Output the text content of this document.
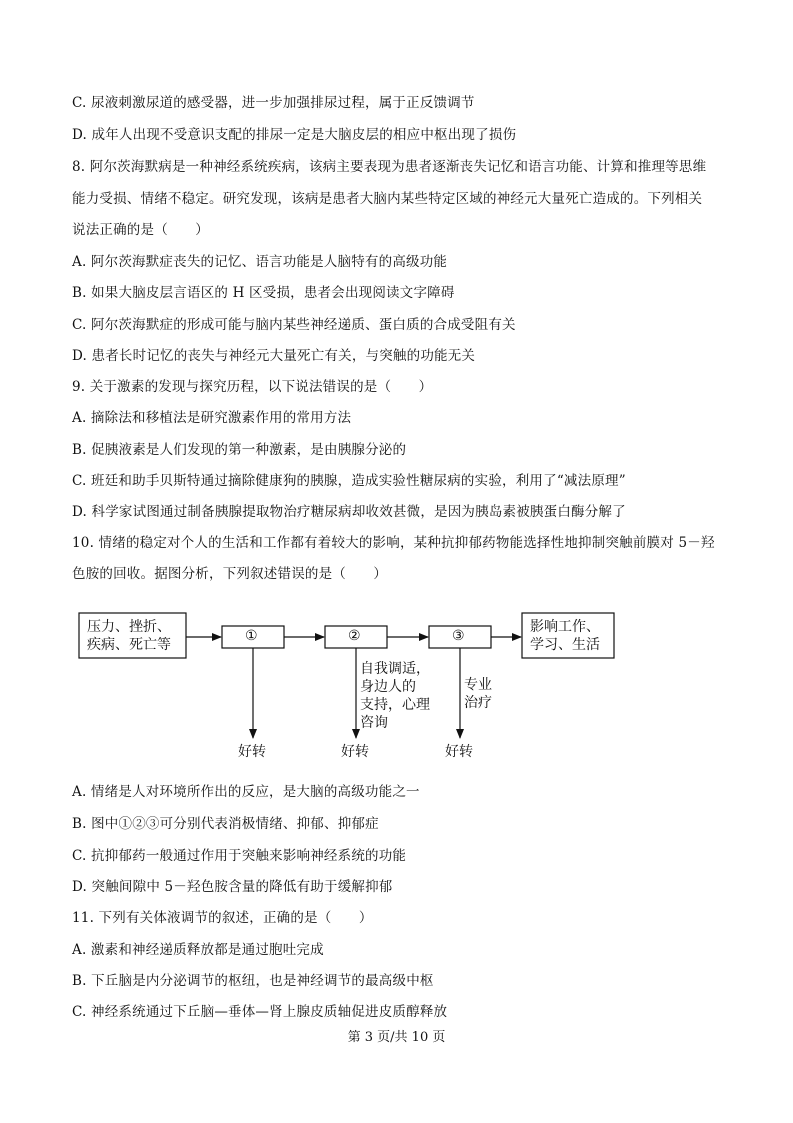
C. 尿液刺激尿道的感受器，进一步加强排尿过程，属于正反馈调节
D. 成年人出现不受意识支配的排尿一定是大脑皮层的相应中枢出现了损伤
8. 阿尔茨海默病是一种神经系统疾病，该病主要表现为患者逐渐丧失记忆和语言功能、计算和推理等思维
能力受损、情绪不稳定。研究发现，该病是患者大脑内某些特定区域的神经元大量死亡造成的。下列相关
说法正确的是（　　）
A. 阿尔茨海默症丧失的记忆、语言功能是人脑特有的高级功能
B. 如果大脑皮层言语区的 H 区受损，患者会出现阅读文字障碍
C. 阿尔茨海默症的形成可能与脑内某些神经递质、蛋白质的合成受阻有关
D. 患者长时记忆的丧失与神经元大量死亡有关，与突触的功能无关
9. 关于激素的发现与探究历程，以下说法错误的是（　　）
A. 摘除法和移植法是研究激素作用的常用方法
B. 促胰液素是人们发现的第一种激素，是由胰腺分泌的
C. 班廷和助手贝斯特通过摘除健康狗的胰腺，造成实验性糖尿病的实验，利用了“减法原理”
D. 科学家试图通过制备胰腺提取物治疗糖尿病却收效甚微，是因为胰岛素被胰蛋白酶分解了
10. 情绪的稳定对个人的生活和工作都有着较大的影响，某种抗抑郁药物能选择性地抑制突触前膜对 5－羟
色胺的回收。据图分析，下列叙述错误的是（　　）
压力、挫折、
疾病、死亡等
①	②	③
影响工作、
学习、生活
自我调适，
身边人的
支持，心理
咨询
专业
治疗
好转	好转	好转
A. 情绪是人对环境所作出的反应，是大脑的高级功能之一
B. 图中①②③可分别代表消极情绪、抑郁、抑郁症
C. 抗抑郁药一般通过作用于突触来影响神经系统的功能
D. 突触间隙中 5－羟色胺含量的降低有助于缓解抑郁
11. 下列有关体液调节的叙述，正确的是（　　）
A. 激素和神经递质释放都是通过胞吐完成
B. 下丘脑是内分泌调节的枢纽，也是神经调节的最高级中枢
C. 神经系统通过下丘脑—垂体—肾上腺皮质轴促进皮质醇释放
第 3 页/共 10 页
